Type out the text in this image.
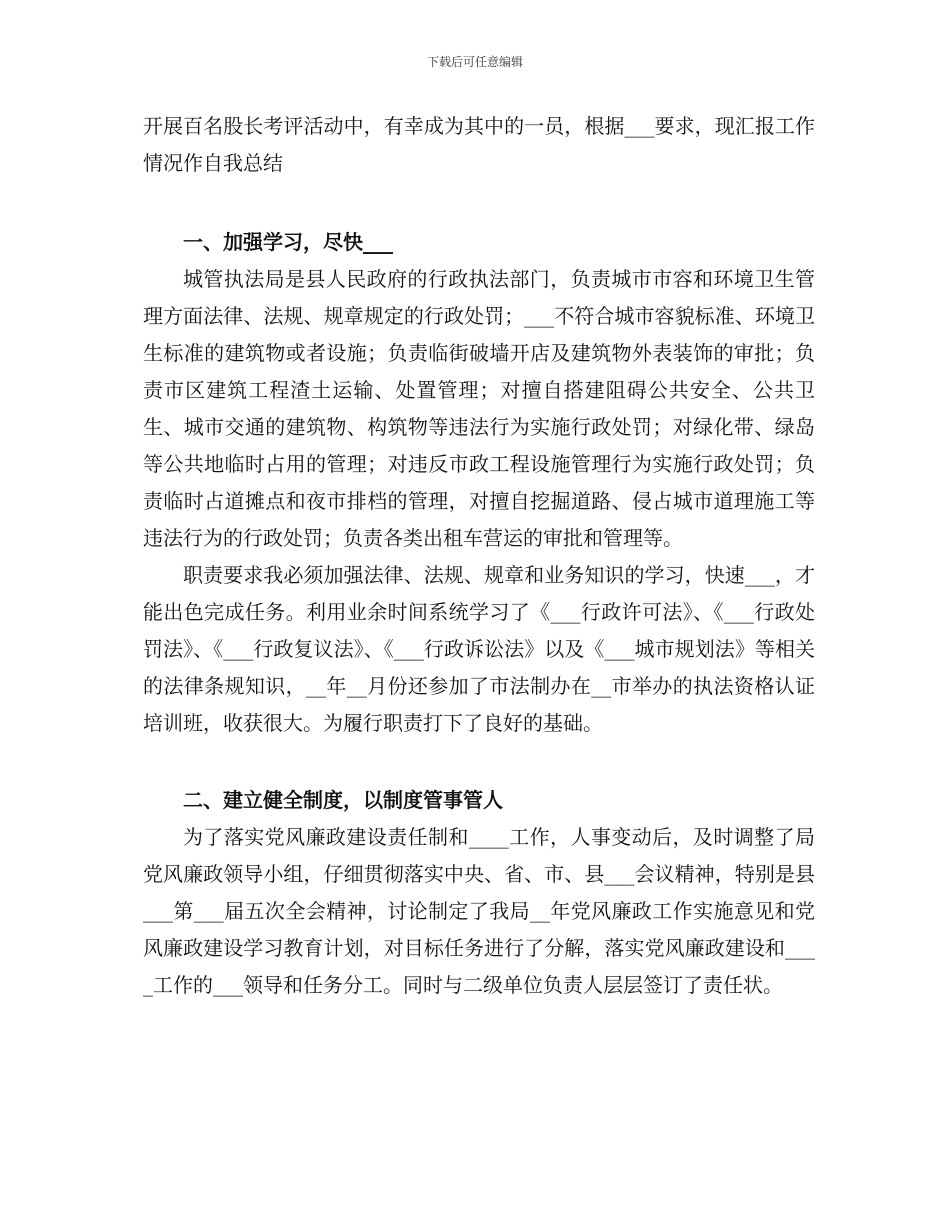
下载后可任意编辑

开展百名股长考评活动中，有幸成为其中的一员，根据___要求，现汇报工作情况作自我总结

一、加强学习，尽快___

城管执法局是县人民政府的行政执法部门，负责城市市容和环境卫生管理方面法律、法规、规章规定的行政处罚；___不符合城市容貌标准、环境卫生标准的建筑物或者设施；负责临街破墙开店及建筑物外表装饰的审批；负责市区建筑工程渣土运输、处置管理；对擅自搭建阻碍公共安全、公共卫生、城市交通的建筑物、构筑物等违法行为实施行政处罚；对绿化带、绿岛等公共地临时占用的管理；对违反市政工程设施管理行为实施行政处罚；负责临时占道摊点和夜市排档的管理，对擅自挖掘道路、侵占城市道理施工等违法行为的行政处罚；负责各类出租车营运的审批和管理等。

职责要求我必须加强法律、法规、规章和业务知识的学习，快速___，才能出色完成任务。利用业余时间系统学习了《___行政许可法》、《___行政处罚法》、《___行政复议法》、《___行政诉讼法》以及《___城市规划法》等相关的法律条规知识，__年__月份还参加了市法制办在__市举办的执法资格认证培训班，收获很大。为履行职责打下了良好的基础。

二、建立健全制度，以制度管事管人

为了落实党风廉政建设责任制和____工作，人事变动后，及时调整了局党风廉政领导小组，仔细贯彻落实中央、省、市、县___会议精神，特别是县___第___届五次全会精神，讨论制定了我局__年党风廉政工作实施意见和党风廉政建设学习教育计划，对目标任务进行了分解，落实党风廉政建设和____工作的___领导和任务分工。同时与二级单位负责人层层签订了责任状。
